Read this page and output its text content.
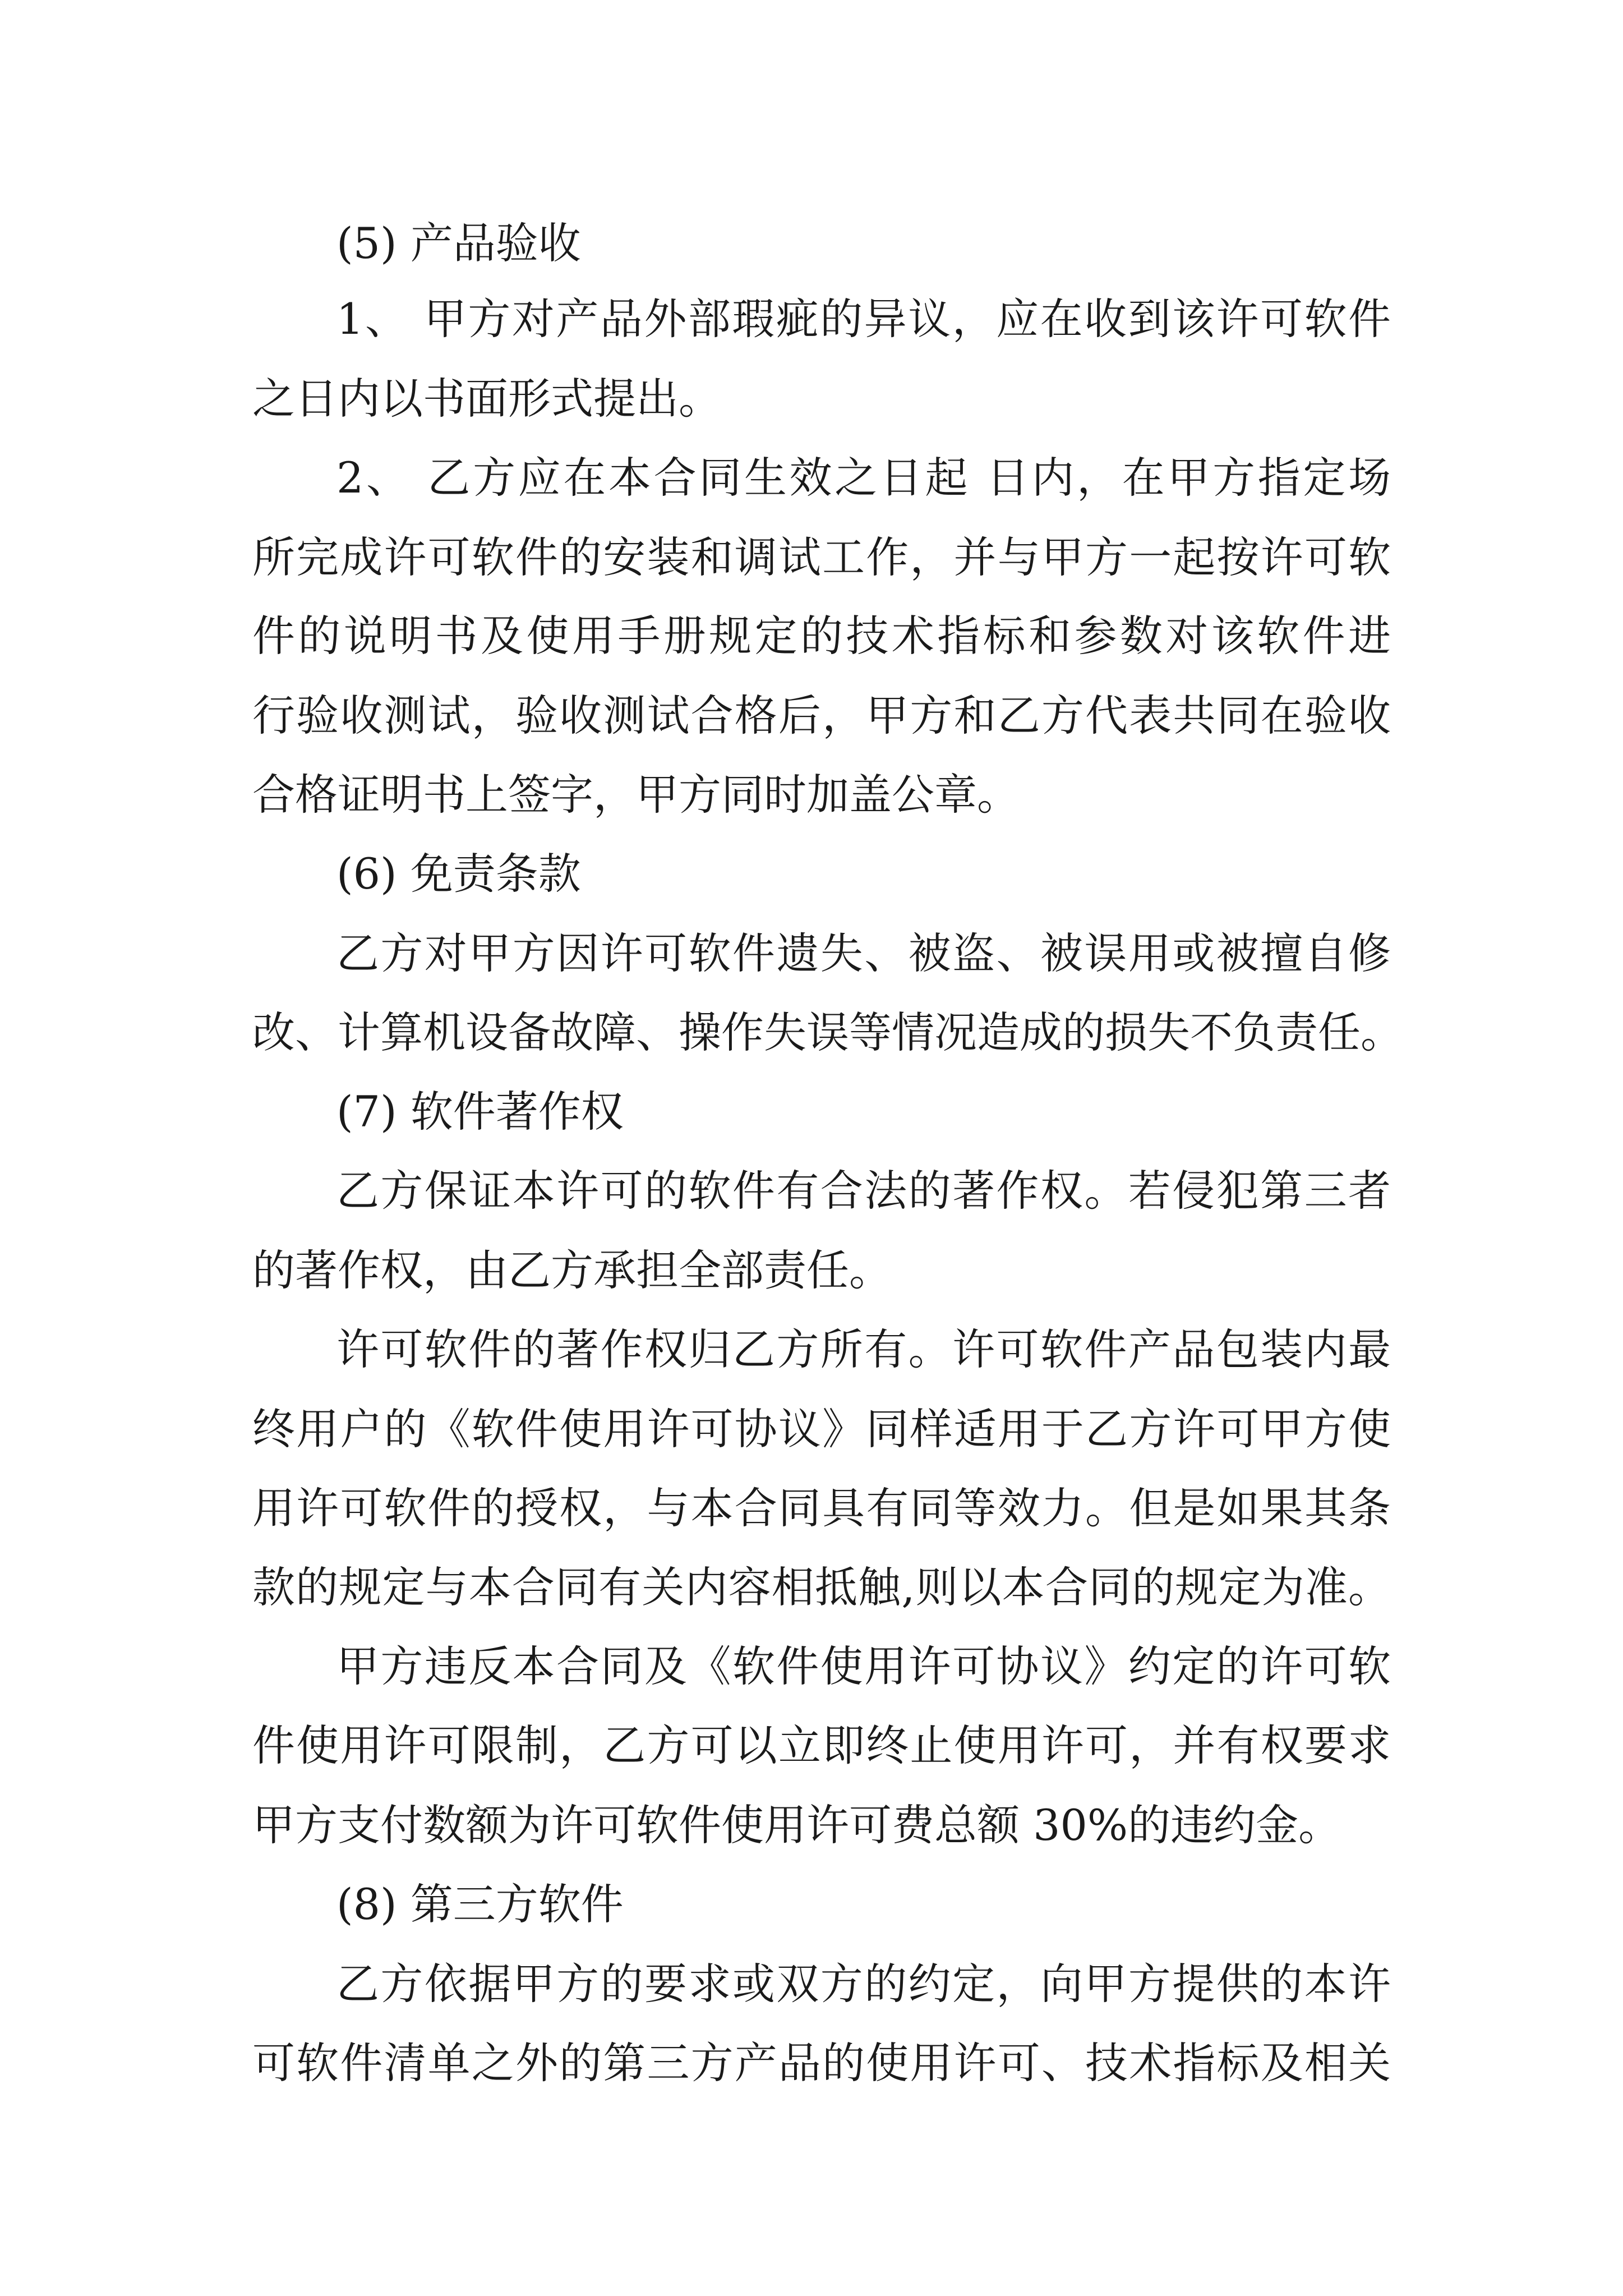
(5) 产品验收
1、 甲方对产品外部瑕疵的异议，应在收到该许可软件
之日内以书面形式提出。
2、 乙方应在本合同生效之日起 日内，在甲方指定场
所完成许可软件的安装和调试工作，并与甲方一起按许可软
件的说明书及使用手册规定的技术指标和参数对该软件进
行验收测试，验收测试合格后，甲方和乙方代表共同在验收
合格证明书上签字，甲方同时加盖公章。
(6) 免责条款
乙方对甲方因许可软件遗失、被盗、被误用或被擅自修
改、计算机设备故障、操作失误等情况造成的损失不负责任。
(7) 软件著作权
乙方保证本许可的软件有合法的著作权。若侵犯第三者
的著作权，由乙方承担全部责任。
许可软件的著作权归乙方所有。许可软件产品包装内最
终用户的《软件使用许可协议》同样适用于乙方许可甲方使
用许可软件的授权，与本合同具有同等效力。但是如果其条
款的规定与本合同有关内容相抵触,则以本合同的规定为准。
甲方违反本合同及《软件使用许可协议》约定的许可软
件使用许可限制，乙方可以立即终止使用许可，并有权要求
甲方支付数额为许可软件使用许可费总额 30%的违约金。
(8) 第三方软件
乙方依据甲方的要求或双方的约定，向甲方提供的本许
可软件清单之外的第三方产品的使用许可、技术指标及相关
